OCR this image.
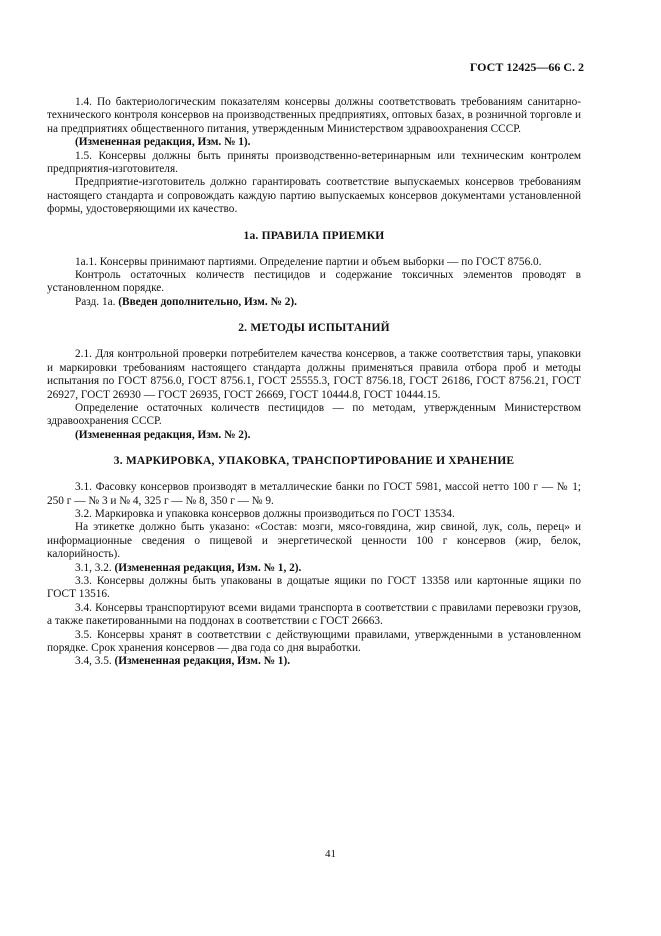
ГОСТ 12425—66 С. 2

1.4. По бактериологическим показателям консервы должны соответствовать требованиям санитарно-технического контроля консервов на производственных предприятиях, оптовых базах, в розничной торговле и на предприятиях общественного питания, утвержденным Министерством здравоохранения СССР.

(Измененная редакция, Изм. № 1).

1.5. Консервы должны быть приняты производственно-ветеринарным или техническим контролем предприятия-изготовителя.

Предприятие-изготовитель должно гарантировать соответствие выпускаемых консервов требованиям настоящего стандарта и сопровождать каждую партию выпускаемых консервов документами установленной формы, удостоверяющими их качество.

1а. ПРАВИЛА ПРИЕМКИ

1а.1. Консервы принимают партиями. Определение партии и объем выборки — по ГОСТ 8756.0.

Контроль остаточных количеств пестицидов и содержание токсичных элементов проводят в установленном порядке.

Разд. 1а. (Введен дополнительно, Изм. № 2).

2. МЕТОДЫ ИСПЫТАНИЙ

2.1. Для контрольной проверки потребителем качества консервов, а также соответствия тары, упаковки и маркировки требованиям настоящего стандарта должны применяться правила отбора проб и методы испытания по ГОСТ 8756.0, ГОСТ 8756.1, ГОСТ 25555.3, ГОСТ 8756.18, ГОСТ 26186, ГОСТ 8756.21, ГОСТ 26927, ГОСТ 26930 — ГОСТ 26935, ГОСТ 26669, ГОСТ 10444.8, ГОСТ 10444.15.

Определение остаточных количеств пестицидов — по методам, утвержденным Министерством здравоохранения СССР.

(Измененная редакция, Изм. № 2).

3. МАРКИРОВКА, УПАКОВКА, ТРАНСПОРТИРОВАНИЕ И ХРАНЕНИЕ

3.1. Фасовку консервов производят в металлические банки по ГОСТ 5981, массой нетто 100 г — № 1; 250 г — № 3 и № 4, 325 г — № 8, 350 г — № 9.

3.2. Маркировка и упаковка консервов должны производиться по ГОСТ 13534.

На этикетке должно быть указано: «Состав: мозги, мясо-говядина, жир свиной, лук, соль, перец» и информационные сведения о пищевой и энергетической ценности 100 г консервов (жир, белок, калорийность).

3.1, 3.2. (Измененная редакция, Изм. № 1, 2).

3.3. Консервы должны быть упакованы в дощатые ящики по ГОСТ 13358 или картонные ящики по ГОСТ 13516.

3.4. Консервы транспортируют всеми видами транспорта в соответствии с правилами перевозки грузов, а также пакетированными на поддонах в соответствии с ГОСТ 26663.

3.5. Консервы хранят в соответствии с действующими правилами, утвержденными в установленном порядке. Срок хранения консервов — два года со дня выработки.

3.4, 3.5. (Измененная редакция, Изм. № 1).

41
